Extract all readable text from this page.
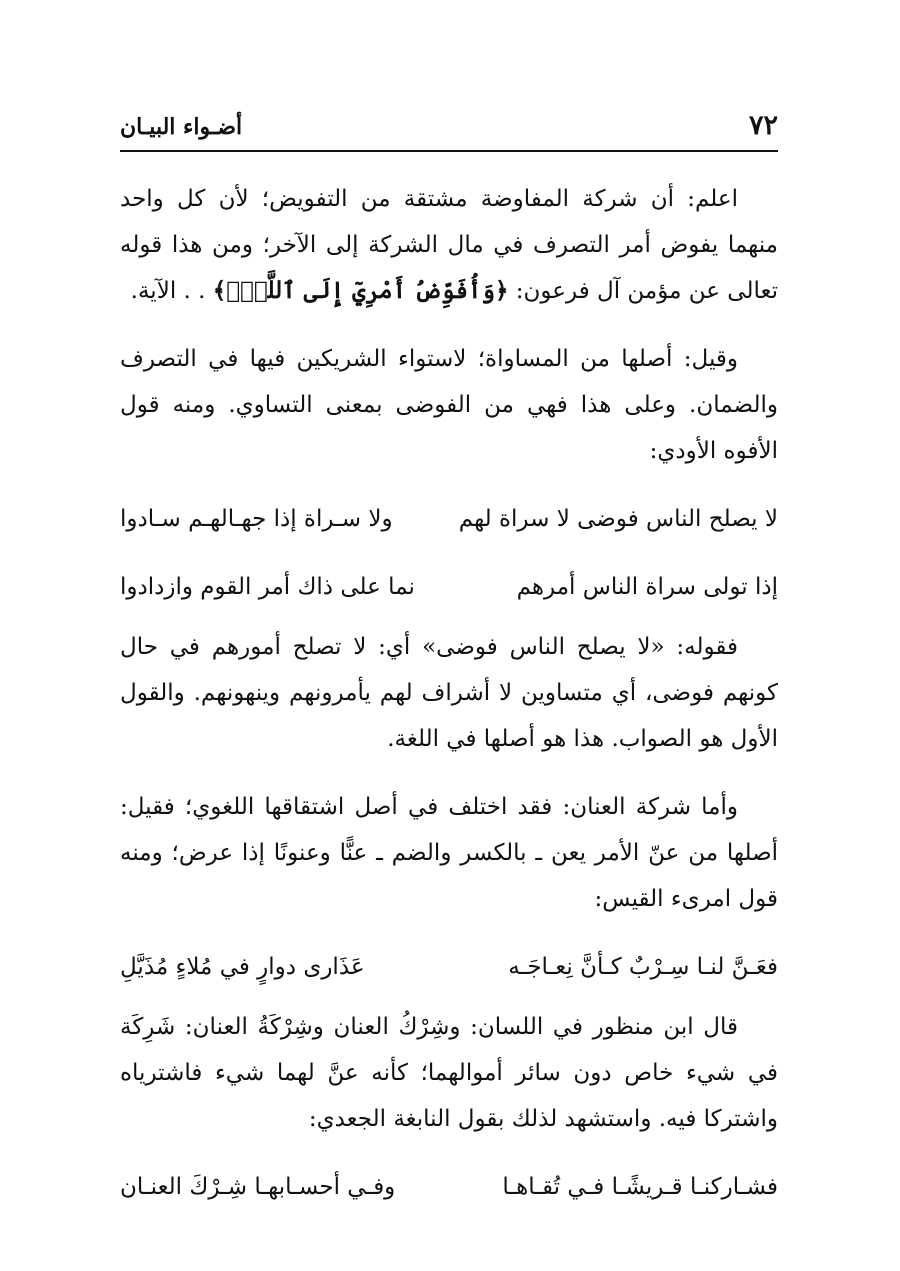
٧٢
أضـواء البيـان

اعلم: أن شركة المفاوضة مشتقة من التفويض؛ لأن كل واحد منهما يفوض أمر التصرف في مال الشركة إلى الآخر؛ ومن هذا قوله تعالى عن مؤمن آل فرعون: ﴿وَأُفَوِّضُ أَمْرِيٓ إِلَى ٱللَّهِۚ﴾ . . الآية.

وقيل: أصلها من المساواة؛ لاستواء الشريكين فيها في التصرف والضمان. وعلى هذا فهي من الفوضى بمعنى التساوي. ومنه قول الأفوه الأودي:

لا يصلح الناس فوضى لا سراة لهم
ولا سـراة إذا جهـالهـم سـادوا
إذا تولى سراة الناس أمرهم
نما على ذاك أمر القوم وازدادوا

فقوله: «لا يصلح الناس فوضى» أي: لا تصلح أمورهم في حال كونهم فوضى، أي متساوين لا أشراف لهم يأمرونهم وينهونهم. والقول الأول هو الصواب. هذا هو أصلها في اللغة.

وأما شركة العنان: فقد اختلف في أصل اشتقاقها اللغوي؛ فقيل: أصلها من عنّ الأمر يعن ـ بالكسر والضم ـ عنًّا وعنونًا إذا عرض؛ ومنه قول امرىء القيس:

فعَـنَّ لنـا سِـرْبٌ كـأنَّ نِعـاجَـه
عَذَارى دوارٍ في مُلاءٍ مُذَيَّلِ

قال ابن منظور في اللسان: وشِرْكُ العنان وشِرْكَةُ العنان: شَرِكَة في شيء خاص دون سائر أموالهما؛ كأنه عنَّ لهما شيء فاشترياه واشتركا فيه. واستشهد لذلك بقول النابغة الجعدي:

فشـاركنـا قـريشًـا فـي تُقـاهـا
وفـي أحسـابهـا شِـرْكَ العنـان
